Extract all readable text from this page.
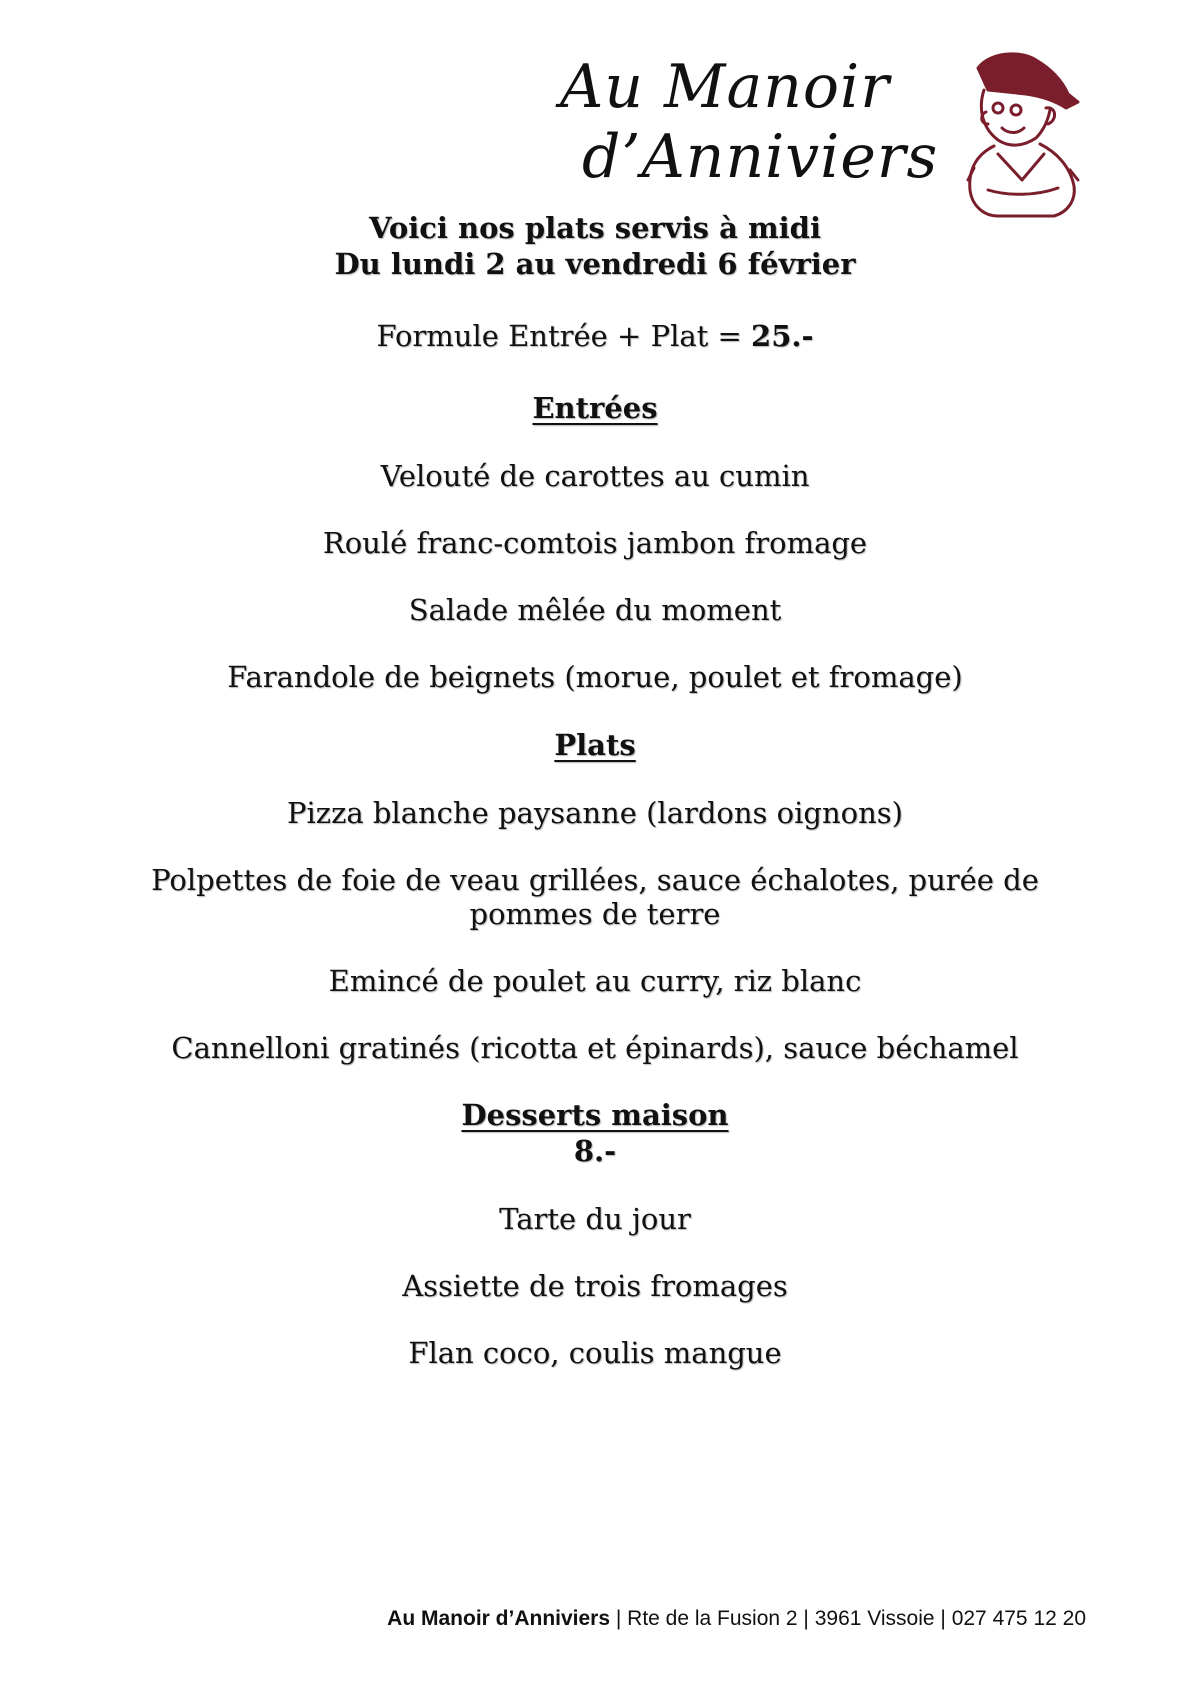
Au Manoir
d’Anniviers
Voici nos plats servis à midi
Du lundi 2 au vendredi 6 février
Formule Entrée + Plat = 25.-
Entrées
Velouté de carottes au cumin
Roulé franc-comtois jambon fromage
Salade mêlée du moment
Farandole de beignets (morue, poulet et fromage)
Plats
Pizza blanche paysanne (lardons oignons)
Polpettes de foie de veau grillées, sauce échalotes, purée de
pommes de terre
Emincé de poulet au curry, riz blanc
Cannelloni gratinés (ricotta et épinards), sauce béchamel
Desserts maison
8.-
Tarte du jour
Assiette de trois fromages
Flan coco, coulis mangue
Au Manoir d’Anniviers | Rte de la Fusion 2 | 3961 Vissoie | 027 475 12 20
